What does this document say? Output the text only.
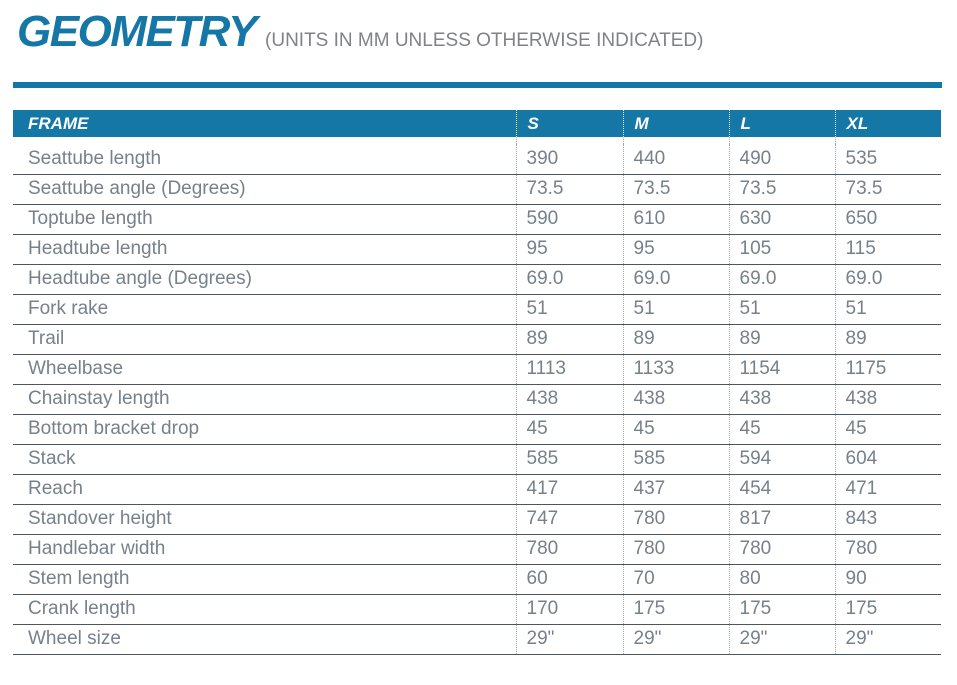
GEOMETRY (UNITS IN MM UNLESS OTHERWISE INDICATED)

FRAME	S	M	L	XL
Seattube length	390	440	490	535
Seattube angle (Degrees)	73.5	73.5	73.5	73.5
Toptube length	590	610	630	650
Headtube length	95	95	105	115
Headtube angle (Degrees)	69.0	69.0	69.0	69.0
Fork rake	51	51	51	51
Trail	89	89	89	89
Wheelbase	1113	1133	1154	1175
Chainstay length	438	438	438	438
Bottom bracket drop	45	45	45	45
Stack	585	585	594	604
Reach	417	437	454	471
Standover height	747	780	817	843
Handlebar width	780	780	780	780
Stem length	60	70	80	90
Crank length	170	175	175	175
Wheel size	29"	29"	29"	29"
